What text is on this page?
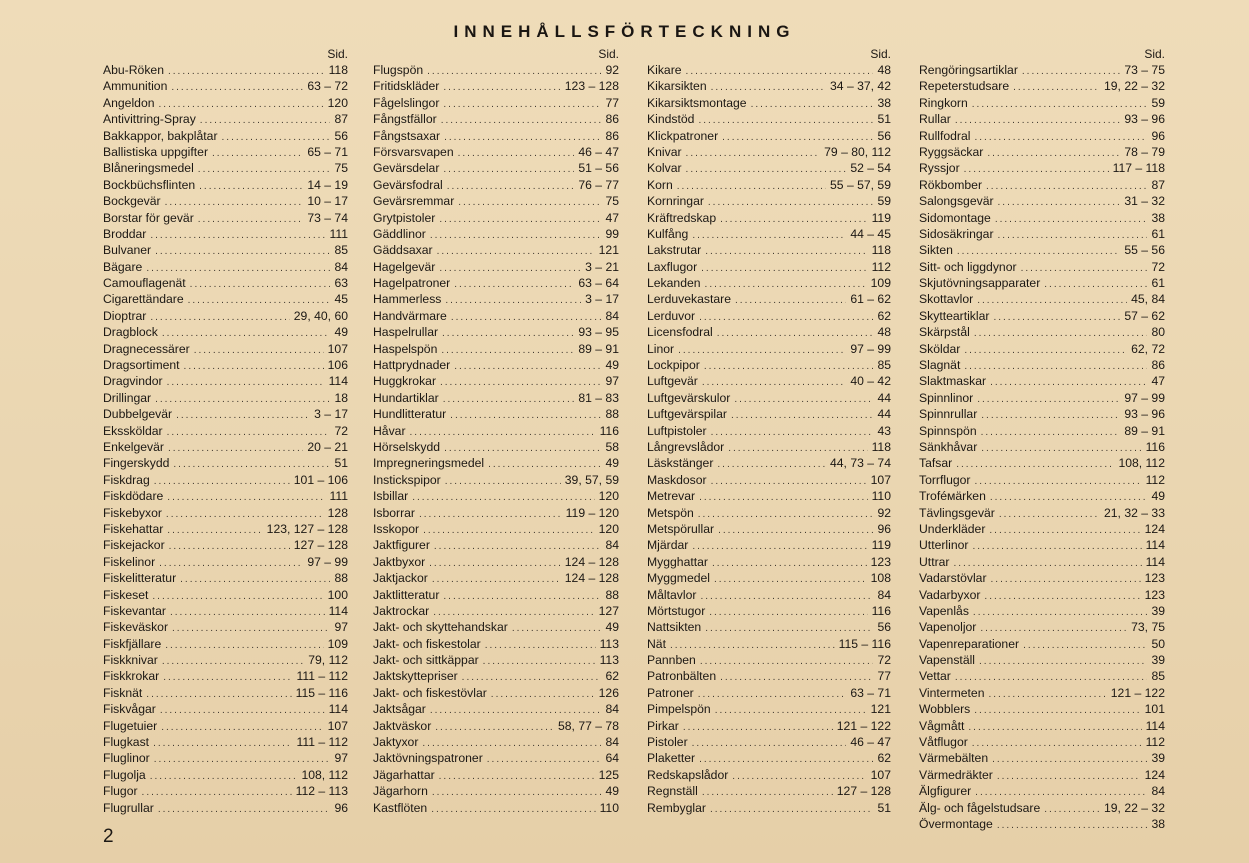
INNEHÅLLSFÖRTECKNING
Sid.
Abu-Röken .....	118
Ammunition .....	63 – 72
Angeldon .....	120
Antivittring-Spray .....	87
Bakkappor, bakplåtar .....	56
Ballistiska uppgifter .....	65 – 71
Blåneringsmedel .....	75
Bockbüchsflinten .....	14 – 19
Bockgevär .....	10 – 17
Borstar för gevär .....	73 – 74
Broddar .....	111
Bulvaner .....	85
Bägare .....	84
Camouflagenät .....	63
Cigarettändare .....	45
Dioptrar .....	29, 40, 60
Dragblock .....	49
Dragnecessärer .....	107
Dragsortiment .....	106
Dragvindor .....	114
Drillingar .....	18
Dubbelgevär .....	3 – 17
Ekssköldar .....	72
Enkelgevär .....	20 – 21
Fingerskydd .....	51
Fiskdrag .....	101 – 106
Fiskdödare .....	111
Fiskebyxor .....	128
Fiskehattar .....	123, 127 – 128
Fiskejackor .....	127 – 128
Fiskelinor .....	97 – 99
Fiskelitteratur .....	88
Fiskeset .....	100
Fiskevantar .....	114
Fiskeväskor .....	97
Fiskfjällare .....	109
Fiskknivar .....	79, 112
Fiskkrokar .....	111 – 112
Fisknät .....	115 – 116
Fiskvågar .....	114
Flugetuier .....	107
Flugkast .....	111 – 112
Fluglinor .....	97
Flugolja .....	108, 112
Flugor .....	112 – 113
Flugrullar .....	96
Sid.
Flugspön .....	92
Fritidskläder .....	123 – 128
Fågelslingor .....	77
Fångstfällor .....	86
Fångstsaxar .....	86
Försvarsvapen .....	46 – 47
Gevärsdelar .....	51 – 56
Gevärsfodral .....	76 – 77
Gevärsremmar .....	75
Grytpistoler .....	47
Gäddlinor .....	99
Gäddsaxar .....	121
Hagelgevär .....	3 – 21
Hagelpatroner .....	63 – 64
Hammerless .....	3 – 17
Handvärmare .....	84
Haspelrullar .....	93 – 95
Haspelspön .....	89 – 91
Hattprydnader .....	49
Huggkrokar .....	97
Hundartiklar .....	81 – 83
Hundlitteratur .....	88
Håvar .....	116
Hörselskydd .....	58
Impregneringsmedel .....	49
Instickspipor .....	39, 57, 59
Isbillar .....	120
Isborrar .....	119 – 120
Isskopor .....	120
Jaktfigurer .....	84
Jaktbyxor .....	124 – 128
Jaktjackor .....	124 – 128
Jaktlitteratur .....	88
Jaktrockar .....	127
Jakt- och skyttehandskar .....	49
Jakt- och fiskestolar .....	113
Jakt- och sittkäppar .....	113
Jaktskyttepriser .....	62
Jakt- och fiskestövlar .....	126
Jaktsågar .....	84
Jaktväskor .....	58, 77 – 78
Jaktyxor .....	84
Jaktövningspatroner .....	64
Jägarhattar .....	125
Jägarhorn .....	49
Kastflöten .....	110
Sid.
Kikare .....	48
Kikarsikten .....	34 – 37, 42
Kikarsiktsmontage .....	38
Kindstöd .....	51
Klickpatroner .....	56
Knivar .....	79 – 80, 112
Kolvar .....	52 – 54
Korn .....	55 – 57, 59
Kornringar .....	59
Kräftredskap .....	119
Kulfång .....	44 – 45
Lakstrutar .....	118
Laxflugor .....	112
Lekanden .....	109
Lerduvekastare .....	61 – 62
Lerduvor .....	62
Licensfodral .....	48
Linor .....	97 – 99
Lockpipor .....	85
Luftgevär .....	40 – 42
Luftgevärskulor .....	44
Luftgevärspilar .....	44
Luftpistoler .....	43
Långrevslådor .....	118
Läskstänger .....	44, 73 – 74
Maskdosor .....	107
Metrevar .....	110
Metspön .....	92
Metspörullar .....	96
Mjärdar .....	119
Mygghattar .....	123
Myggmedel .....	108
Måltavlor .....	84
Mörtstugor .....	116
Nattsikten .....	56
Nät .....	115 – 116
Pannben .....	72
Patronbälten .....	77
Patroner .....	63 – 71
Pimpelspön .....	121
Pirkar .....	121 – 122
Pistoler .....	46 – 47
Plaketter .....	62
Redskapslådor .....	107
Regnställ .....	127 – 128
Rembyglar .....	51
Sid.
Rengöringsartiklar .....	73 – 75
Repeterstudsare .....	19, 22 – 32
Ringkorn .....	59
Rullar .....	93 – 96
Rullfodral .....	96
Ryggsäckar .....	78 – 79
Ryssjor .....	117 – 118
Rökbomber .....	87
Salongsgevär .....	31 – 32
Sidomontage .....	38
Sidosäkringar .....	61
Sikten .....	55 – 56
Sitt- och liggdynor .....	72
Skjutövningsapparater .....	61
Skottavlor .....	45, 84
Skytteartiklar .....	57 – 62
Skärpstål .....	80
Sköldar .....	62, 72
Slagnät .....	86
Slaktmaskar .....	47
Spinnlinor .....	97 – 99
Spinnrullar .....	93 – 96
Spinnspön .....	89 – 91
Sänkhåvar .....	116
Tafsar .....	108, 112
Torrflugor .....	112
Troféмärken .....	49
Tävlingsgevär .....	21, 32 – 33
Underkläder .....	124
Utterlinor .....	114
Uttrar .....	114
Vadarstövlar .....	123
Vadarbyxor .....	123
Vapenlås .....	39
Vapenoljor .....	73, 75
Vapenreparationer .....	50
Vapenställ .....	39
Vettar .....	85
Vintermeten .....	121 – 122
Wobblers .....	101
Vågmått .....	114
Våtflugor .....	112
Värmebälten .....	39
Värmedräkter .....	124
Älgfigurer .....	84
Älg- och fågelstudsare .....	19, 22 – 32
Övermontage .....	38
2
